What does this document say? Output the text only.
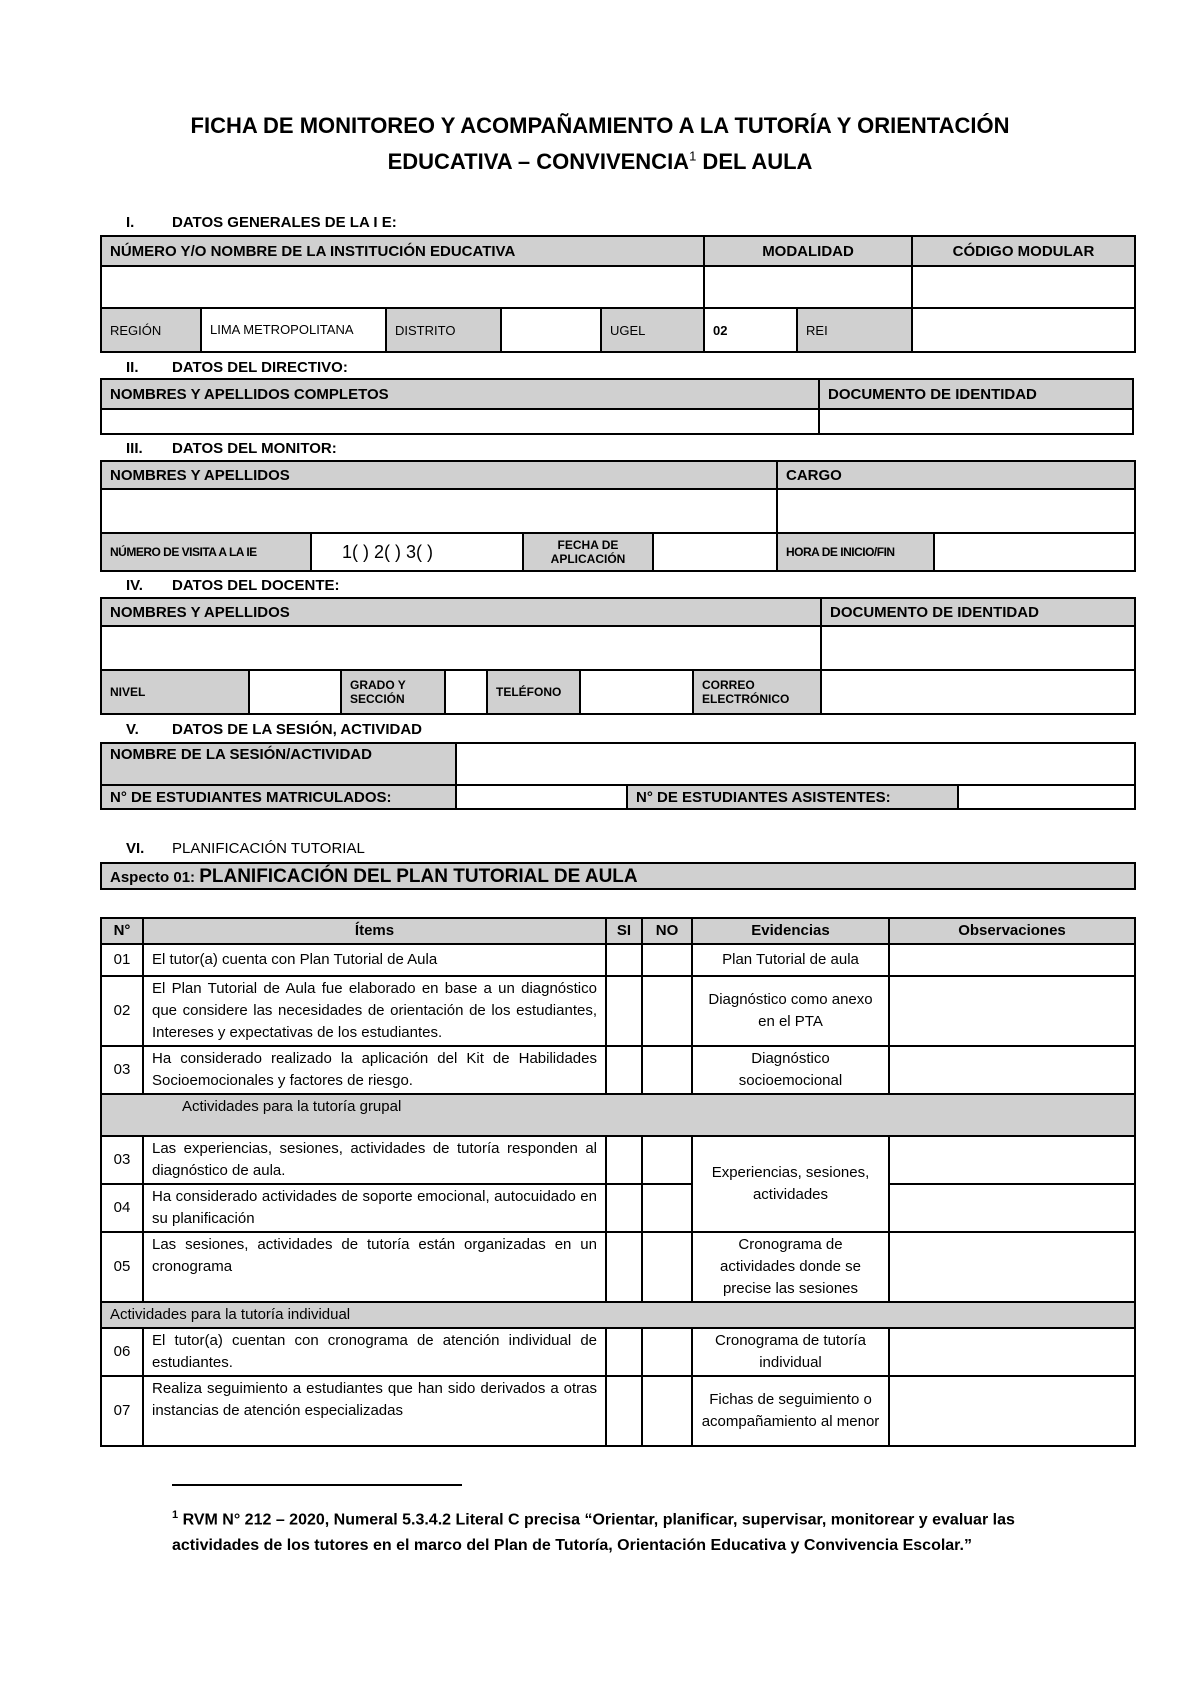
FICHA DE MONITOREO Y ACOMPAÑAMIENTO A LA TUTORÍA Y ORIENTACIÓN
EDUCATIVA – CONVIVENCIA$^1$ DEL AULA
I.	DATOS GENERALES DE LA I E:
NÚMERO Y/O NOMBRE DE LA INSTITUCIÓN EDUCATIVA					MODALIDAD		CÓDIGO MODULAR

REGIÓN	LIMA METROPOLITANA	DISTRITO		UGEL	02	REI	
II. DATOS DEL DIRECTIVO:
NOMBRES Y APELLIDOS COMPLETOS	DOCUMENTO DE IDENTIDAD

III. DATOS DEL MONITOR:
NOMBRES Y APELLIDOS				CARGO	

NÚMERO DE VISITA A LA IE	1( ) 2( ) 3( )	FECHA DE APLICACIÓN		HORA DE INICIO/FIN	
IV. DATOS DEL DOCENTE:
NOMBRES Y APELLIDOS							DOCUMENTO DE IDENTIDAD

NIVEL		GRADO Y SECCIÓN		TELÉFONO		CORREO ELECTRÓNICO	
V. DATOS DE LA SESIÓN, ACTIVIDAD
NOMBRE DE LA SESIÓN/ACTIVIDAD			
N° DE ESTUDIANTES MATRICULADOS:		N° DE ESTUDIANTES ASISTENTES:	
VI. PLANIFICACIÓN TUTORIAL
Aspecto 01: PLANIFICACIÓN DEL PLAN TUTORIAL DE AULA
N°	Ítems	SI	NO	Evidencias	Observaciones
01	El tutor(a) cuenta con Plan Tutorial de Aula			Plan Tutorial de aula	
02	El Plan Tutorial de Aula fue elaborado en base a un diagnóstico que considere las necesidades de orientación de los estudiantes, Intereses y expectativas de los estudiantes.			Diagnóstico como anexo en el PTA	
03	Ha considerado realizado la aplicación del Kit de Habilidades Socioemocionales y factores de riesgo.			Diagnóstico socioemocional	
Actividades para la tutoría grupal					
03	Las experiencias, sesiones, actividades de tutoría responden al diagnóstico de aula.			Experiencias, sesiones, actividades	
04	Ha considerado actividades de soporte emocional, autocuidado en su planificación				
05	Las sesiones, actividades de tutoría están organizadas en un cronograma			Cronograma de actividades donde se precise las sesiones	
Actividades para la tutoría individual					
06	El tutor(a) cuentan con cronograma de atención individual de estudiantes.			Cronograma de tutoría individual	
07	Realiza seguimiento a estudiantes que han sido derivados a otras instancias de atención especializadas			Fichas de seguimiento o acompañamiento al menor	
$^1$ RVM N° 212 – 2020, Numeral 5.3.4.2 Literal C precisa “Orientar, planificar, supervisar, monitorear y evaluar las actividades de los tutores en el marco del Plan de Tutoría, Orientación Educativa y Convivencia Escolar.”
